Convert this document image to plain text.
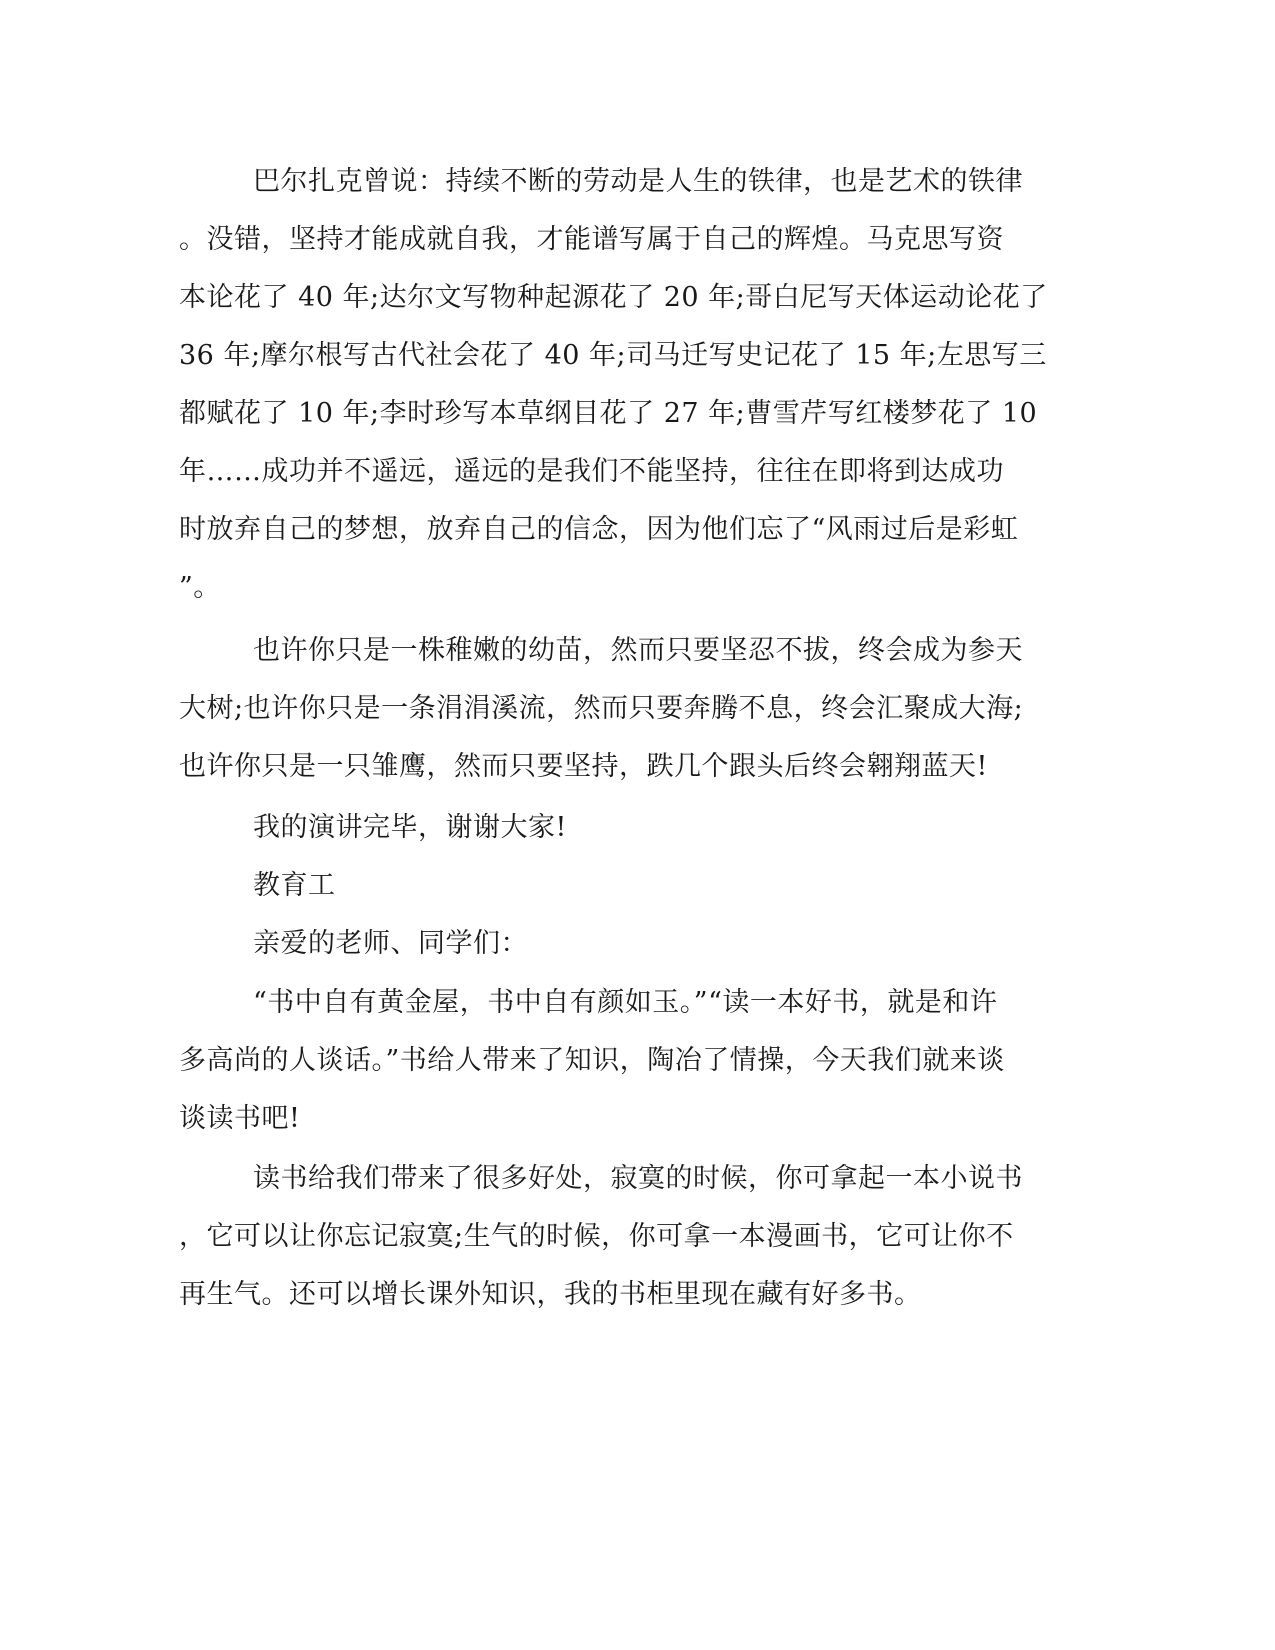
巴尔扎克曾说：持续不断的劳动是人生的铁律，也是艺术的铁律
。没错，坚持才能成就自我，才能谱写属于自己的辉煌。马克思写资
本论花了 40 年;达尔文写物种起源花了 20 年;哥白尼写天体运动论花了
36 年;摩尔根写古代社会花了 40 年;司马迁写史记花了 15 年;左思写三
都赋花了 10 年;李时珍写本草纲目花了 27 年;曹雪芹写红楼梦花了 10
年……成功并不遥远，遥远的是我们不能坚持，往往在即将到达成功
时放弃自己的梦想，放弃自己的信念，因为他们忘了“风雨过后是彩虹
”。
也许你只是一株稚嫩的幼苗，然而只要坚忍不拔，终会成为参天
大树;也许你只是一条涓涓溪流，然而只要奔腾不息，终会汇聚成大海;
也许你只是一只雏鹰，然而只要坚持，跌几个跟头后终会翱翔蓝天!
我的演讲完毕，谢谢大家!
教育工
亲爱的老师、同学们：
“书中自有黄金屋，书中自有颜如玉。”“读一本好书，就是和许
多高尚的人谈话。”书给人带来了知识，陶冶了情操，今天我们就来谈
谈读书吧!
读书给我们带来了很多好处，寂寞的时候，你可拿起一本小说书
，它可以让你忘记寂寞;生气的时候，你可拿一本漫画书，它可让你不
再生气。还可以增长课外知识，我的书柜里现在藏有好多书。
